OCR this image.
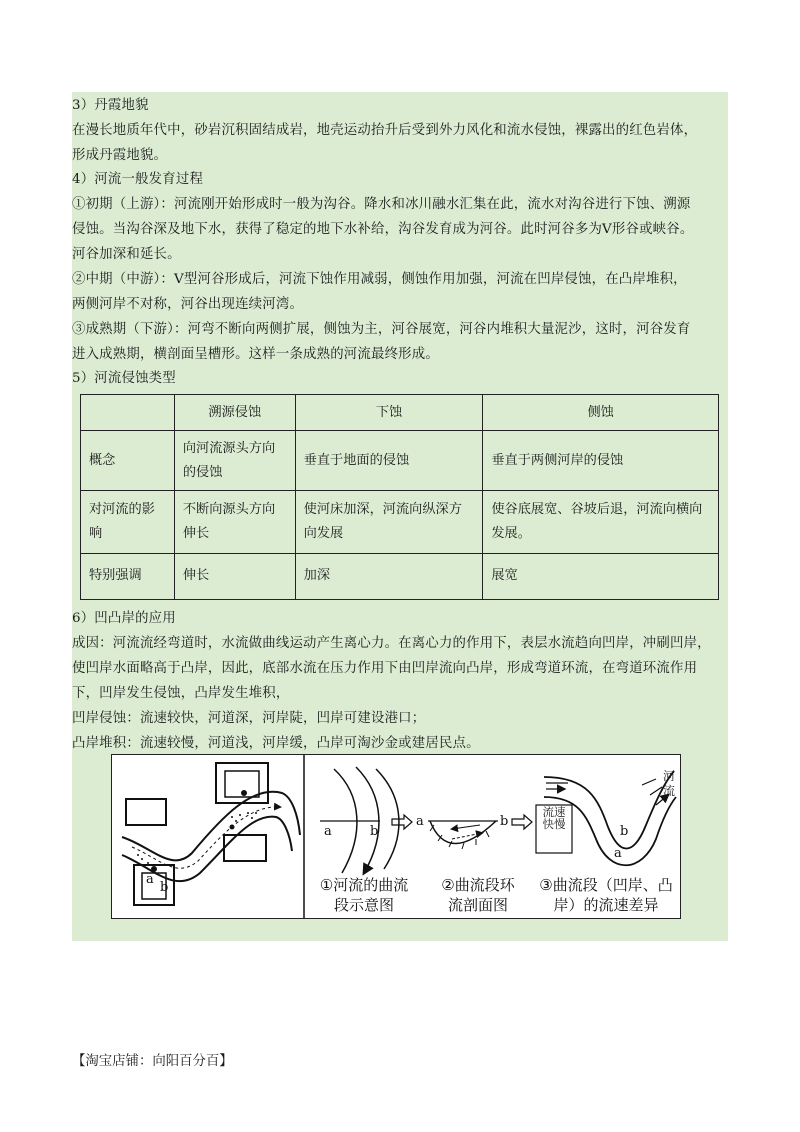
3）丹霞地貌
在漫长地质年代中，砂岩沉积固结成岩，地壳运动抬升后受到外力风化和流水侵蚀，裸露出的红色岩体，
形成丹霞地貌。
4）河流一般发育过程
①初期（上游）：河流刚开始形成时一般为沟谷。降水和冰川融水汇集在此，流水对沟谷进行下蚀、溯源
侵蚀。当沟谷深及地下水，获得了稳定的地下水补给，沟谷发育成为河谷。此时河谷多为V形谷或峡谷。
河谷加深和延长。
②中期（中游）：V型河谷形成后，河流下蚀作用减弱，侧蚀作用加强，河流在凹岸侵蚀，在凸岸堆积，
两侧河岸不对称，河谷出现连续河湾。
③成熟期（下游）：河弯不断向两侧扩展，侧蚀为主，河谷展宽，河谷内堆积大量泥沙，这时，河谷发育
进入成熟期，横剖面呈槽形。这样一条成熟的河流最终形成。
5）河流侵蚀类型
	溯源侵蚀	下蚀	侧蚀
概念	向河流源头方向的侵蚀	垂直于地面的侵蚀	垂直于两侧河岸的侵蚀
对河流的影响	不断向源头方向伸长	使河床加深，河流向纵深方向发展	使谷底展宽、谷坡后退，河流向横向发展。
特别强调	伸长	加深	展宽
6）凹凸岸的应用
成因：河流流经弯道时，水流做曲线运动产生离心力。在离心力的作用下，表层水流趋向凹岸，冲刷凹岸，
使凹岸水面略高于凸岸，因此，底部水流在压力作用下由凹岸流向凸岸，形成弯道环流，在弯道环流作用
下，凹岸发生侵蚀，凸岸发生堆积，
凹岸侵蚀：流速较快，河道深，河岸陡，凹岸可建设港口；
凸岸堆积：流速较慢，河道浅，河岸缓，凸岸可淘沙金或建居民点。
a
b
a	b
a	b
b
a
河流
流速快慢
①河流的曲流
段示意图
②曲流段环
流剖面图
③曲流段（凹岸、凸
岸）的流速差异
【淘宝店铺：向阳百分百】
